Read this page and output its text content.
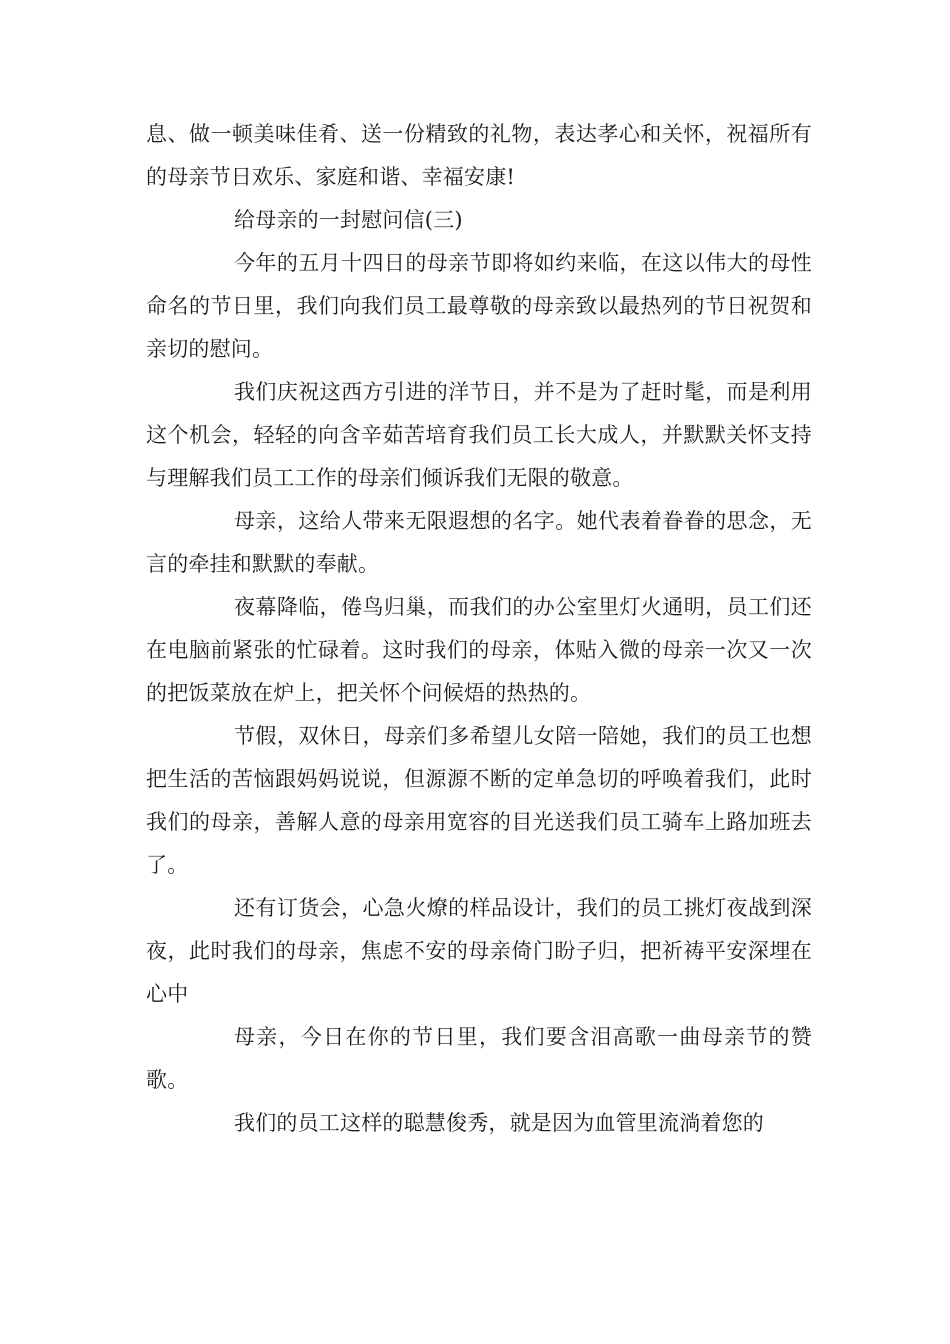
息、做一顿美味佳肴、送一份精致的礼物，表达孝心和关怀，祝福所有的母亲节日欢乐、家庭和谐、幸福安康!

给母亲的一封慰问信(三)

今年的五月十四日的母亲节即将如约来临，在这以伟大的母性命名的节日里，我们向我们员工最尊敬的母亲致以最热列的节日祝贺和亲切的慰问。

我们庆祝这西方引进的洋节日，并不是为了赶时髦，而是利用这个机会，轻轻的向含辛茹苦培育我们员工长大成人，并默默关怀支持与理解我们员工工作的母亲们倾诉我们无限的敬意。

母亲，这给人带来无限遐想的名字。她代表着眷眷的思念，无言的牵挂和默默的奉献。

夜幕降临，倦鸟归巢，而我们的办公室里灯火通明，员工们还在电脑前紧张的忙碌着。这时我们的母亲，体贴入微的母亲一次又一次的把饭菜放在炉上，把关怀个问候焐的热热的。

节假，双休日，母亲们多希望儿女陪一陪她，我们的员工也想把生活的苦恼跟妈妈说说，但源源不断的定单急切的呼唤着我们，此时我们的母亲，善解人意的母亲用宽容的目光送我们员工骑车上路加班去了。

还有订货会，心急火燎的样品设计，我们的员工挑灯夜战到深夜，此时我们的母亲，焦虑不安的母亲倚门盼子归，把祈祷平安深埋在心中

母亲，今日在你的节日里，我们要含泪高歌一曲母亲节的赞歌。

我们的员工这样的聪慧俊秀，就是因为血管里流淌着您的
